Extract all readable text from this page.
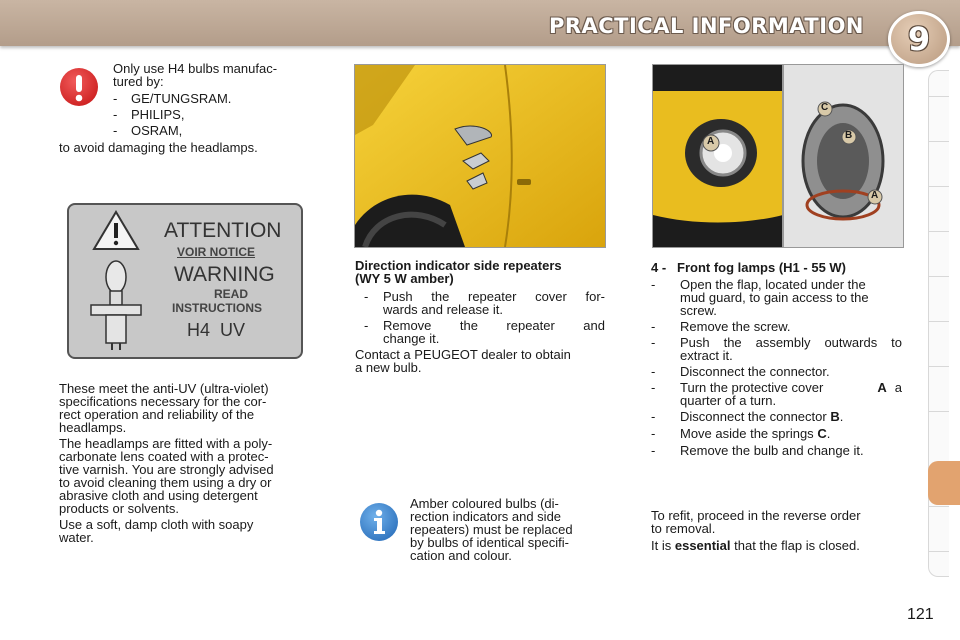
PRACTICAL INFORMATION	9
Only use H4 bulbs manufac-
tured by:
- GE/TUNGSRAM.
- PHILIPS,
- OSRAM,
to avoid damaging the headlamps.
ATTENTION
VOIR NOTICE
WARNING
READ
INSTRUCTIONS
H4  UV
These meet the anti-UV (ultra-violet)
specifications necessary for the cor-
rect operation and reliability of the
headlamps.
The headlamps are fitted with a poly-
carbonate lens coated with a protec-
tive varnish. You are strongly advised
to avoid cleaning them using a dry or
abrasive cloth and using detergent
products or solvents.
Use a soft, damp cloth with soapy
water.
Direction indicator side repeaters
(WY 5 W amber)
- Push the repeater cover for-
wards and release it.
- Remove the repeater and
change it.
Contact a PEUGEOT dealer to obtain
a new bulb.
Amber coloured bulbs (di-
rection indicators and side
repeaters) must be replaced
by bulbs of identical specifi-
cation and colour.
A
C
B
A
4 -   Front fog lamps (H1 - 55 W)
- Open the flap, located under the
mud guard, to gain access to the
screw.
- Remove the screw.
- Push the assembly outwards to
extract it.
- Disconnect the connector.
- Turn the protective cover	A a
quarter of a turn.
- Disconnect the connector B.
- Move aside the springs C.
- Remove the bulb and change it.
To refit, proceed in the reverse order
to removal.
It is essential that the flap is closed.
121
